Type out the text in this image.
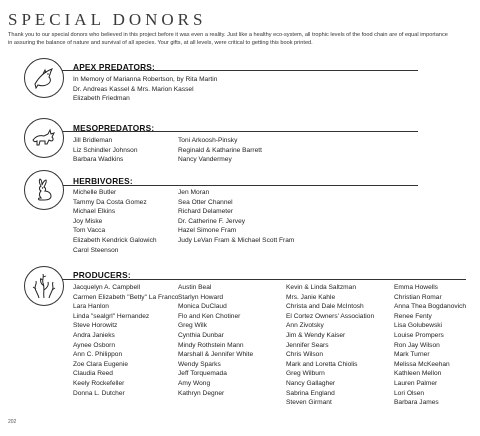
SPECIAL DONORS
Thank you to our special donors who believed in this project before it was even a reality. Just like a healthy eco-system, all trophic levels of the food chain are of equal importance in assuring the balance of nature and survival of all species. Your gifts, at all levels, were critical to getting this book printed.
APEX PREDATORS:
In Memory of Marianna Robertson, by Rita Martin
Dr. Andreas Kassel & Mrs. Marion Kassel
Elizabeth Friedman
MESOPREDATORS:
Jill Bridleman
Liz Schindler Johnson
Barbara Wadkins
Toni Arkoosh-Pinsky
Reginald & Katharine Barrett
Nancy Vandermey
HERBIVORES:
Michelle Butler
Tammy Da Costa Gomez
Michael Elkins
Joy Miske
Tom Vacca
Elizabeth Kendrick Galowich
Carol Steenson
Jen Moran
Sea Otter Channel
Richard Delameter
Dr. Catherine F. Jervey
Hazel Simone Fram
Judy LeVan Fram & Michael Scott Fram
PRODUCERS:
Jacquelyn A. Campbell
Carmen Elizabeth "Betty" La Franco
Lara Hanlon
Linda "sealgrl" Hernandez
Steve Horowitz
Andra Janieks
Aynee Osborn
Ann C. Philippon
Zoe Clara Eugenie
Claudia Reed
Keely Rockefeller
Donna L. Dutcher
Austin Beal
Starlyn Howard
Monica DuClaud
Flo and Ken Chotiner
Greg Wilk
Cynthia Dunbar
Mindy Rothstein Mann
Marshall & Jennifer White
Wendy Sparks
Jeff Torquemada
Amy Wong
Kathryn Degner
Kevin & Linda Saltzman
Mrs. Janie Kahle
Christa and Dale McIntosh
El Cortez Owners' Association
Ann Zivotsky
Jim & Wendy Kaiser
Jennifer Sears
Chris Wilson
Mark and Loretta Chiolis
Greg Wilburn
Nancy Gallagher
Sabrina England
Steven Girmant
Emma Howells
Christian Romar
Anna Thea Bogdanovich
Renee Fenty
Lisa Golubewski
Louise Prompers
Ron Jay Wilson
Mark Turner
Melissa McKeehan
Kathleen Mellon
Lauren Palmer
Lori Olsen
Barbara James
202
